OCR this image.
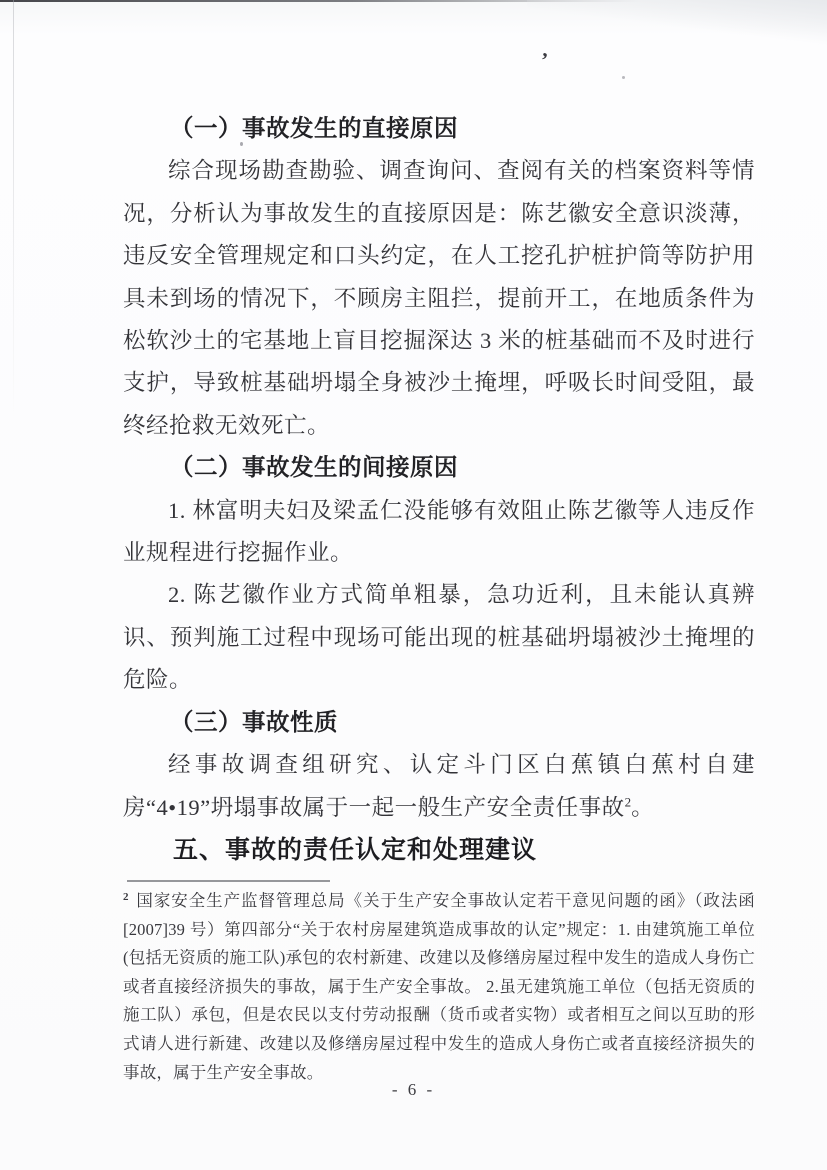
’
（一）事故发生的直接原因

综合现场勘查勘验、调查询问、查阅有关的档案资料等情况，分析认为事故发生的直接原因是：陈艺徽安全意识淡薄，违反安全管理规定和口头约定，在人工挖孔护桩护筒等防护用具未到场的情况下，不顾房主阻拦，提前开工，在地质条件为松软沙土的宅基地上盲目挖掘深达 3 米的桩基础而不及时进行支护，导致桩基础坍塌全身被沙土掩埋，呼吸长时间受阻，最终经抢救无效死亡。

（二）事故发生的间接原因

1. 林富明夫妇及梁孟仁没能够有效阻止陈艺徽等人违反作业规程进行挖掘作业。

2. 陈艺徽作业方式简单粗暴，急功近利，且未能认真辨识、预判施工过程中现场可能出现的桩基础坍塌被沙土掩埋的危险。

（三）事故性质

经事故调查组研究、认定斗门区白蕉镇白蕉村自建房“4•19”坍塌事故属于一起一般生产安全责任事故$^2$。

五、事故的责任认定和处理建议

$^2$ 国家安全生产监督管理总局《关于生产安全事故认定若干意见问题的函》（政法函[2007]39 号）第四部分“关于农村房屋建筑造成事故的认定”规定：1. 由建筑施工单位(包括无资质的施工队)承包的农村新建、改建以及修缮房屋过程中发生的造成人身伤亡或者直接经济损失的事故，属于生产安全事故。 2.虽无建筑施工单位（包括无资质的施工队）承包，但是农民以支付劳动报酬（货币或者实物）或者相互之间以互助的形式请人进行新建、改建以及修缮房屋过程中发生的造成人身伤亡或者直接经济损失的事故，属于生产安全事故。

- 6 -
